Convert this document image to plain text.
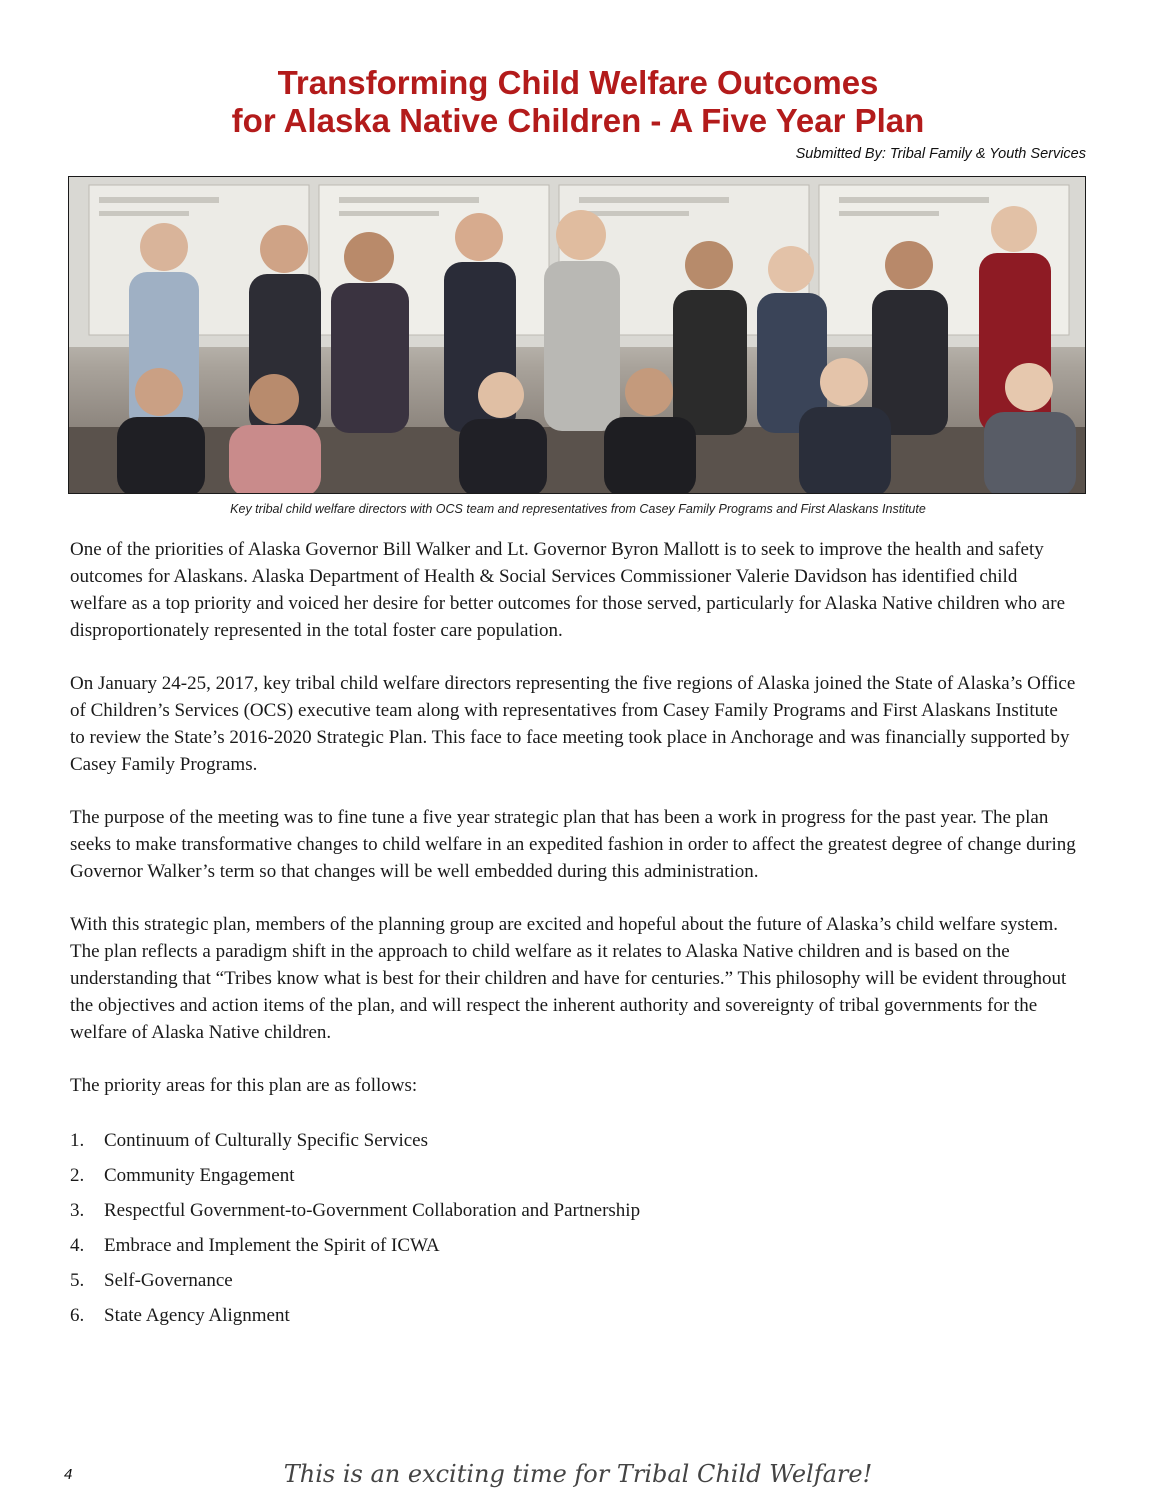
Transforming Child Welfare Outcomes
for Alaska Native Children - A Five Year Plan
Submitted By: Tribal Family & Youth Services
Key tribal child welfare directors with OCS team and representatives from Casey Family Programs and First Alaskans Institute

One of the priorities of Alaska Governor Bill Walker and Lt. Governor Byron Mallott is to seek to improve the health and safety outcomes for Alaskans. Alaska Department of Health & Social Services Commissioner Valerie Davidson has identified child welfare as a top priority and voiced her desire for better outcomes for those served, particularly for Alaska Native children who are disproportionately represented in the total foster care population.

On January 24-25, 2017, key tribal child welfare directors representing the five regions of Alaska joined the State of Alaska’s Office of Children’s Services (OCS) executive team along with representatives from Casey Family Programs and First Alaskans Institute to review the State’s 2016-2020 Strategic Plan. This face to face meeting took place in Anchorage and was financially supported by Casey Family Programs.

The purpose of the meeting was to fine tune a five year strategic plan that has been a work in progress for the past year. The plan seeks to make transformative changes to child welfare in an expedited fashion in order to affect the greatest degree of change during Governor Walker’s term so that changes will be well embedded during this administration.

With this strategic plan, members of the planning group are excited and hopeful about the future of Alaska’s child welfare system. The plan reflects a paradigm shift in the approach to child welfare as it relates to Alaska Native children and is based on the understanding that “Tribes know what is best for their children and have for centuries.” This philosophy will be evident throughout the objectives and action items of the plan, and will respect the inherent authority and sovereignty of tribal governments for the welfare of Alaska Native children.

The priority areas for this plan are as follows:

1.	Continuum of Culturally Specific Services
2.	Community Engagement
3.	Respectful Government-to-Government Collaboration and Partnership
4.	Embrace and Implement the Spirit of ICWA
5.	Self-Governance
6.	State Agency Alignment
This is an exciting time for Tribal Child Welfare!
4
